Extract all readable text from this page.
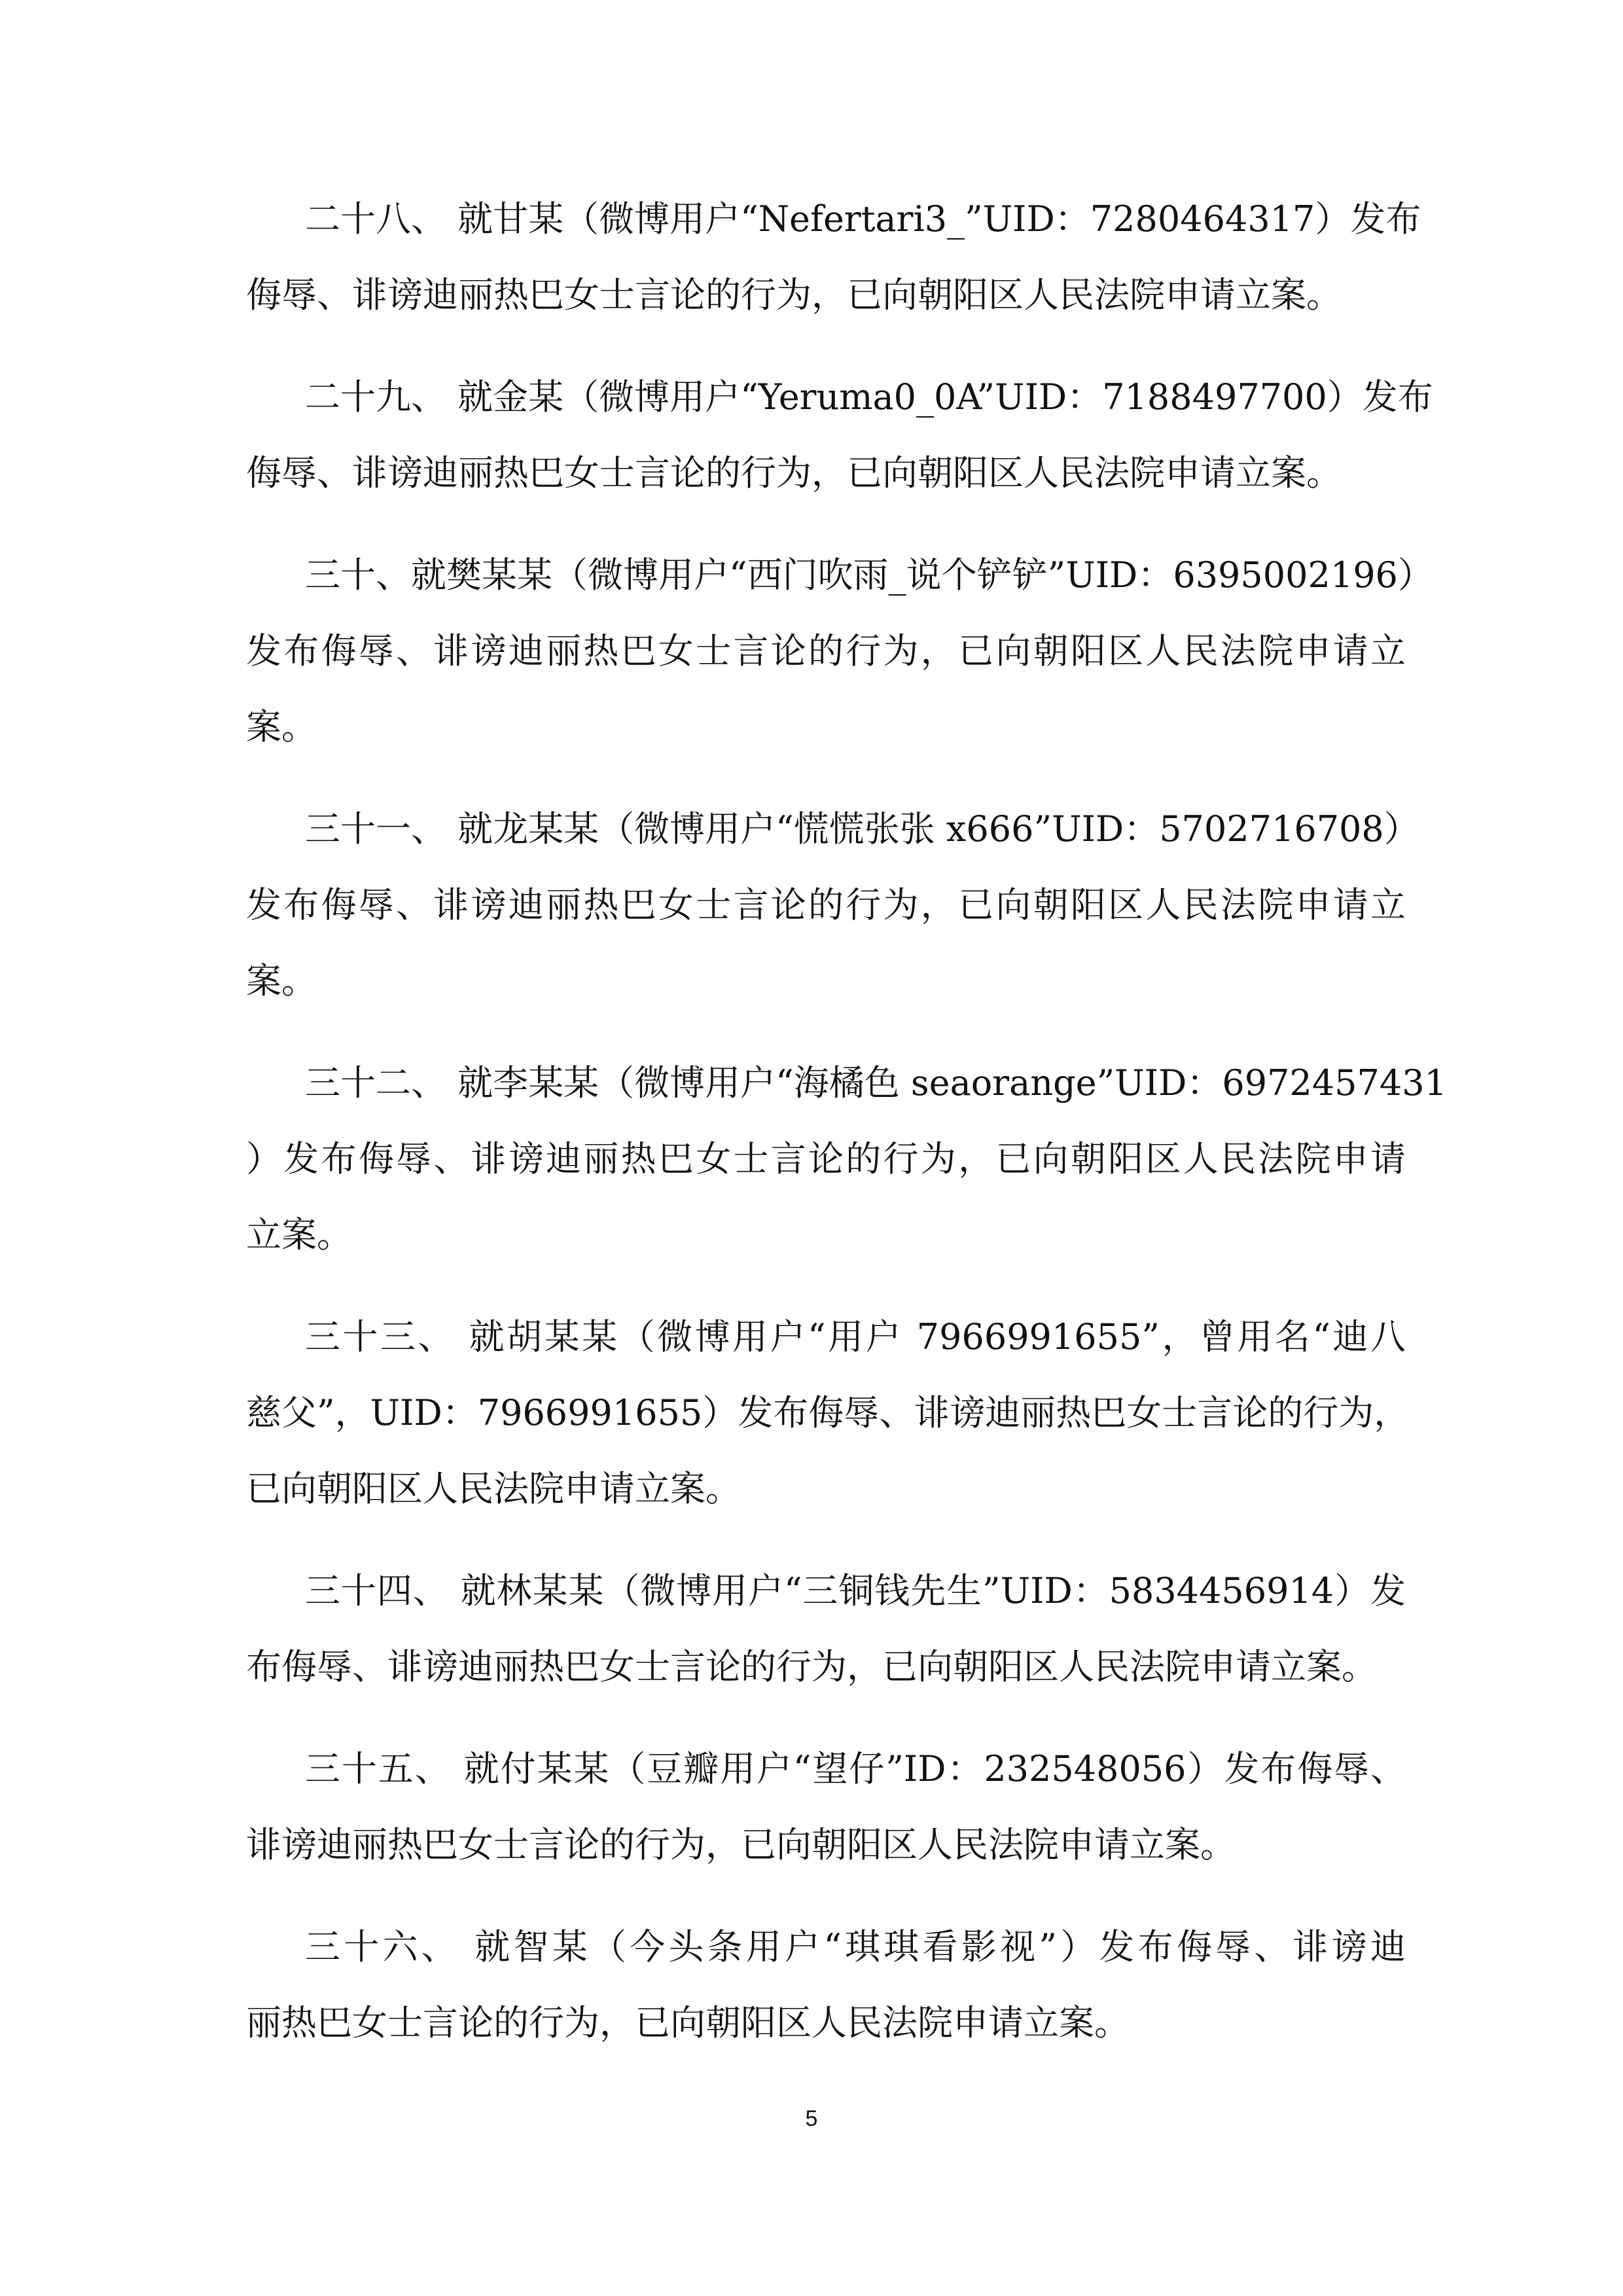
二十八、 就甘某（微博用户“Nefertari3_”UID：7280464317）发布
侮辱、诽谤迪丽热巴女士言论的行为，已向朝阳区人民法院申请立案。
二十九、 就金某（微博用户“Yeruma0_0A”UID：7188497700）发布
侮辱、诽谤迪丽热巴女士言论的行为，已向朝阳区人民法院申请立案。
三十、就樊某某（微博用户“西门吹雨_说个铲铲”UID：6395002196）
发布侮辱、诽谤迪丽热巴女士言论的行为，已向朝阳区人民法院申请立
案。
三十一、 就龙某某（微博用户“慌慌张张 x666”UID：5702716708）
发布侮辱、诽谤迪丽热巴女士言论的行为，已向朝阳区人民法院申请立
案。
三十二、 就李某某（微博用户“海橘色 seaorange”UID：6972457431
）发布侮辱、诽谤迪丽热巴女士言论的行为，已向朝阳区人民法院申请
立案。
三十三、 就胡某某（微博用户“用户 7966991655”，曾用名“迪八
慈父”，UID：7966991655）发布侮辱、诽谤迪丽热巴女士言论的行为，
已向朝阳区人民法院申请立案。
三十四、 就林某某（微博用户“三铜钱先生”UID：5834456914）发
布侮辱、诽谤迪丽热巴女士言论的行为，已向朝阳区人民法院申请立案。
三十五、 就付某某（豆瓣用户“望仔”ID：232548056）发布侮辱、
诽谤迪丽热巴女士言论的行为，已向朝阳区人民法院申请立案。
三十六、 就智某（今头条用户“琪琪看影视”）发布侮辱、诽谤迪
丽热巴女士言论的行为，已向朝阳区人民法院申请立案。
5
